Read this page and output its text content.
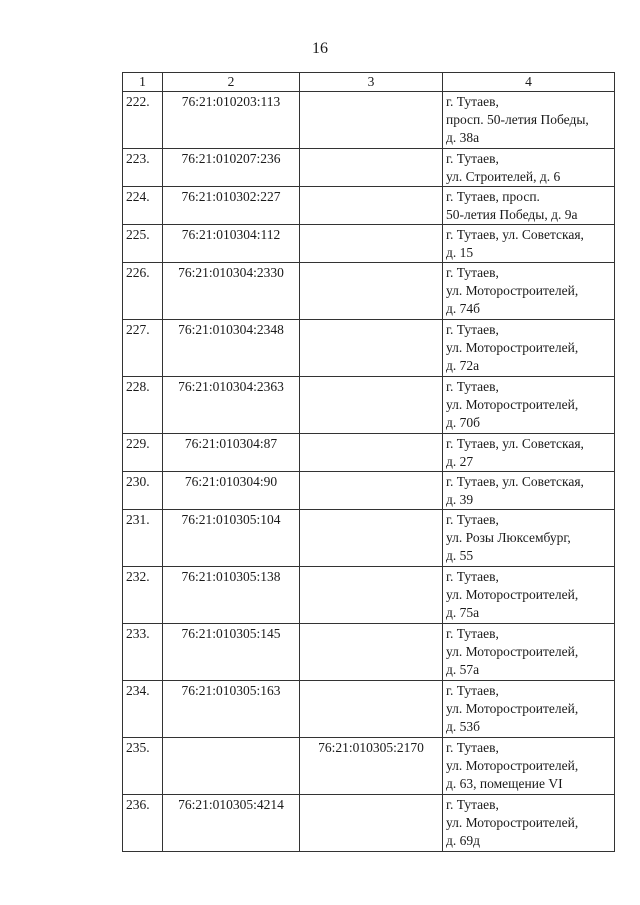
16
1	2	3	4
222.	76:21:010203:113		г. Тутаев,
просп. 50-летия Победы,
д. 38а

223.	76:21:010207:236		г. Тутаев,
ул. Строителей, д. 6

224.	76:21:010302:227		г. Тутаев, просп.
50-летия Победы, д. 9а

225.	76:21:010304:112		г. Тутаев, ул. Советская,
д. 15

226.	76:21:010304:2330		г. Тутаев,
ул. Моторостроителей,
д. 74б

227.	76:21:010304:2348		г. Тутаев,
ул. Моторостроителей,
д. 72а

228.	76:21:010304:2363		г. Тутаев,
ул. Моторостроителей,
д. 70б

229.	76:21:010304:87		г. Тутаев, ул. Советская,
д. 27

230.	76:21:010304:90		г. Тутаев, ул. Советская,
д. 39

231.	76:21:010305:104		г. Тутаев,
ул. Розы Люксембург,
д. 55

232.	76:21:010305:138		г. Тутаев,
ул. Моторостроителей,
д. 75а

233.	76:21:010305:145		г. Тутаев,
ул. Моторостроителей,
д. 57а

234.	76:21:010305:163		г. Тутаев,
ул. Моторостроителей,
д. 53б

235.		76:21:010305:2170	г. Тутаев,
ул. Моторостроителей,
д. 63, помещение VI

236.	76:21:010305:4214		г. Тутаев,
ул. Моторостроителей,
д. 69д
